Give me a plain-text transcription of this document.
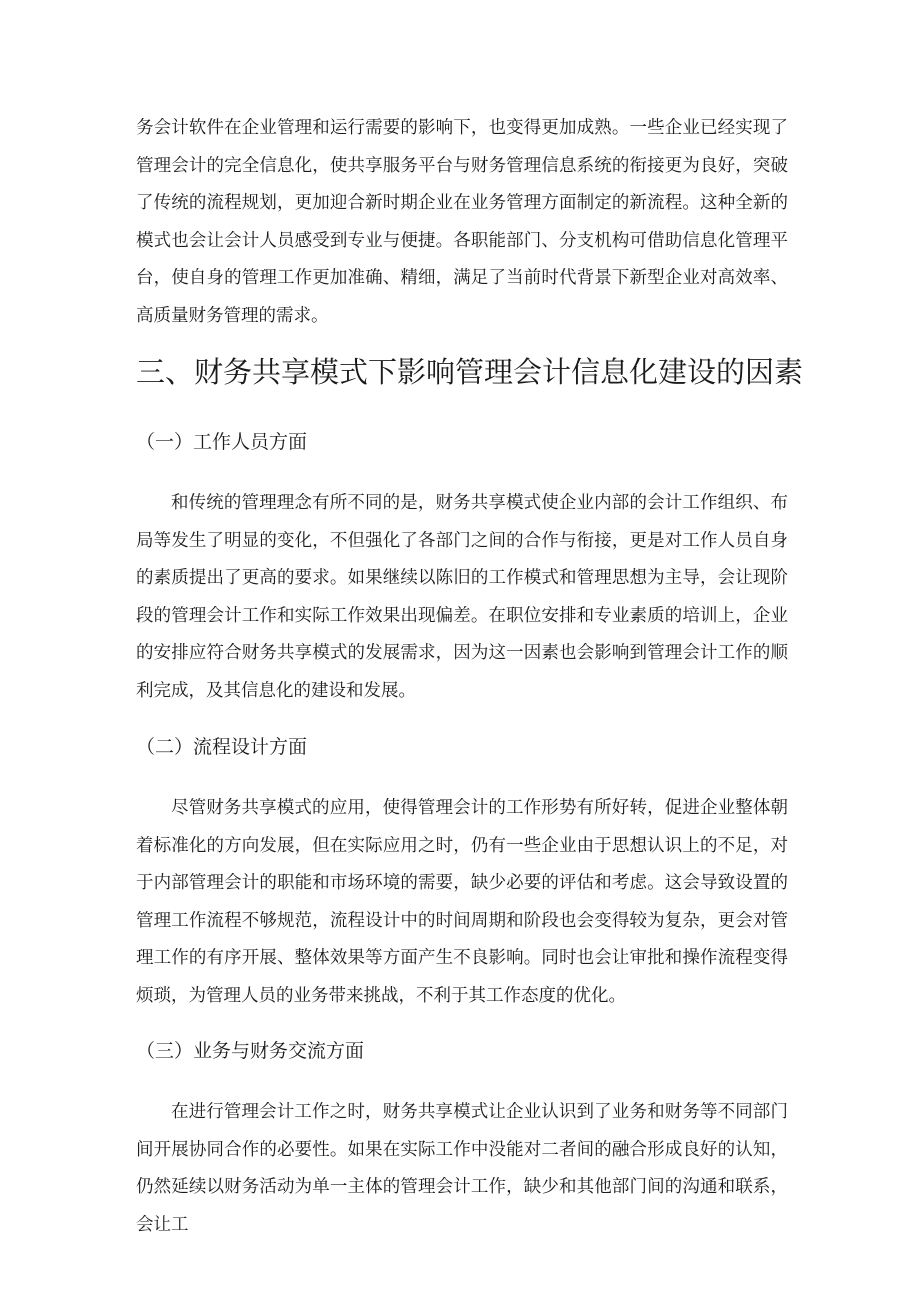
务会计软件在企业管理和运行需要的影响下，也变得更加成熟。一些企业已经实现了管理会计的完全信息化，使共享服务平台与财务管理信息系统的衔接更为良好，突破了传统的流程规划，更加迎合新时期企业在业务管理方面制定的新流程。这种全新的模式也会让会计人员感受到专业与便捷。各职能部门、分支机构可借助信息化管理平台，使自身的管理工作更加准确、精细，满足了当前时代背景下新型企业对高效率、高质量财务管理的需求。

三、财务共享模式下影响管理会计信息化建设的因素
（一）工作人员方面

和传统的管理理念有所不同的是，财务共享模式使企业内部的会计工作组织、布局等发生了明显的变化，不但强化了各部门之间的合作与衔接，更是对工作人员自身的素质提出了更高的要求。如果继续以陈旧的工作模式和管理思想为主导，会让现阶段的管理会计工作和实际工作效果出现偏差。在职位安排和专业素质的培训上，企业的安排应符合财务共享模式的发展需求，因为这一因素也会影响到管理会计工作的顺利完成，及其信息化的建设和发展。

（二）流程设计方面

尽管财务共享模式的应用，使得管理会计的工作形势有所好转，促进企业整体朝着标准化的方向发展，但在实际应用之时，仍有一些企业由于思想认识上的不足，对于内部管理会计的职能和市场环境的需要，缺少必要的评估和考虑。这会导致设置的管理工作流程不够规范，流程设计中的时间周期和阶段也会变得较为复杂，更会对管理工作的有序开展、整体效果等方面产生不良影响。同时也会让审批和操作流程变得烦琐，为管理人员的业务带来挑战，不利于其工作态度的优化。

（三）业务与财务交流方面

在进行管理会计工作之时，财务共享模式让企业认识到了业务和财务等不同部门间开展协同合作的必要性。如果在实际工作中没能对二者间的融合形成良好的认知，仍然延续以财务活动为单一主体的管理会计工作，缺少和其他部门间的沟通和联系，会让工
